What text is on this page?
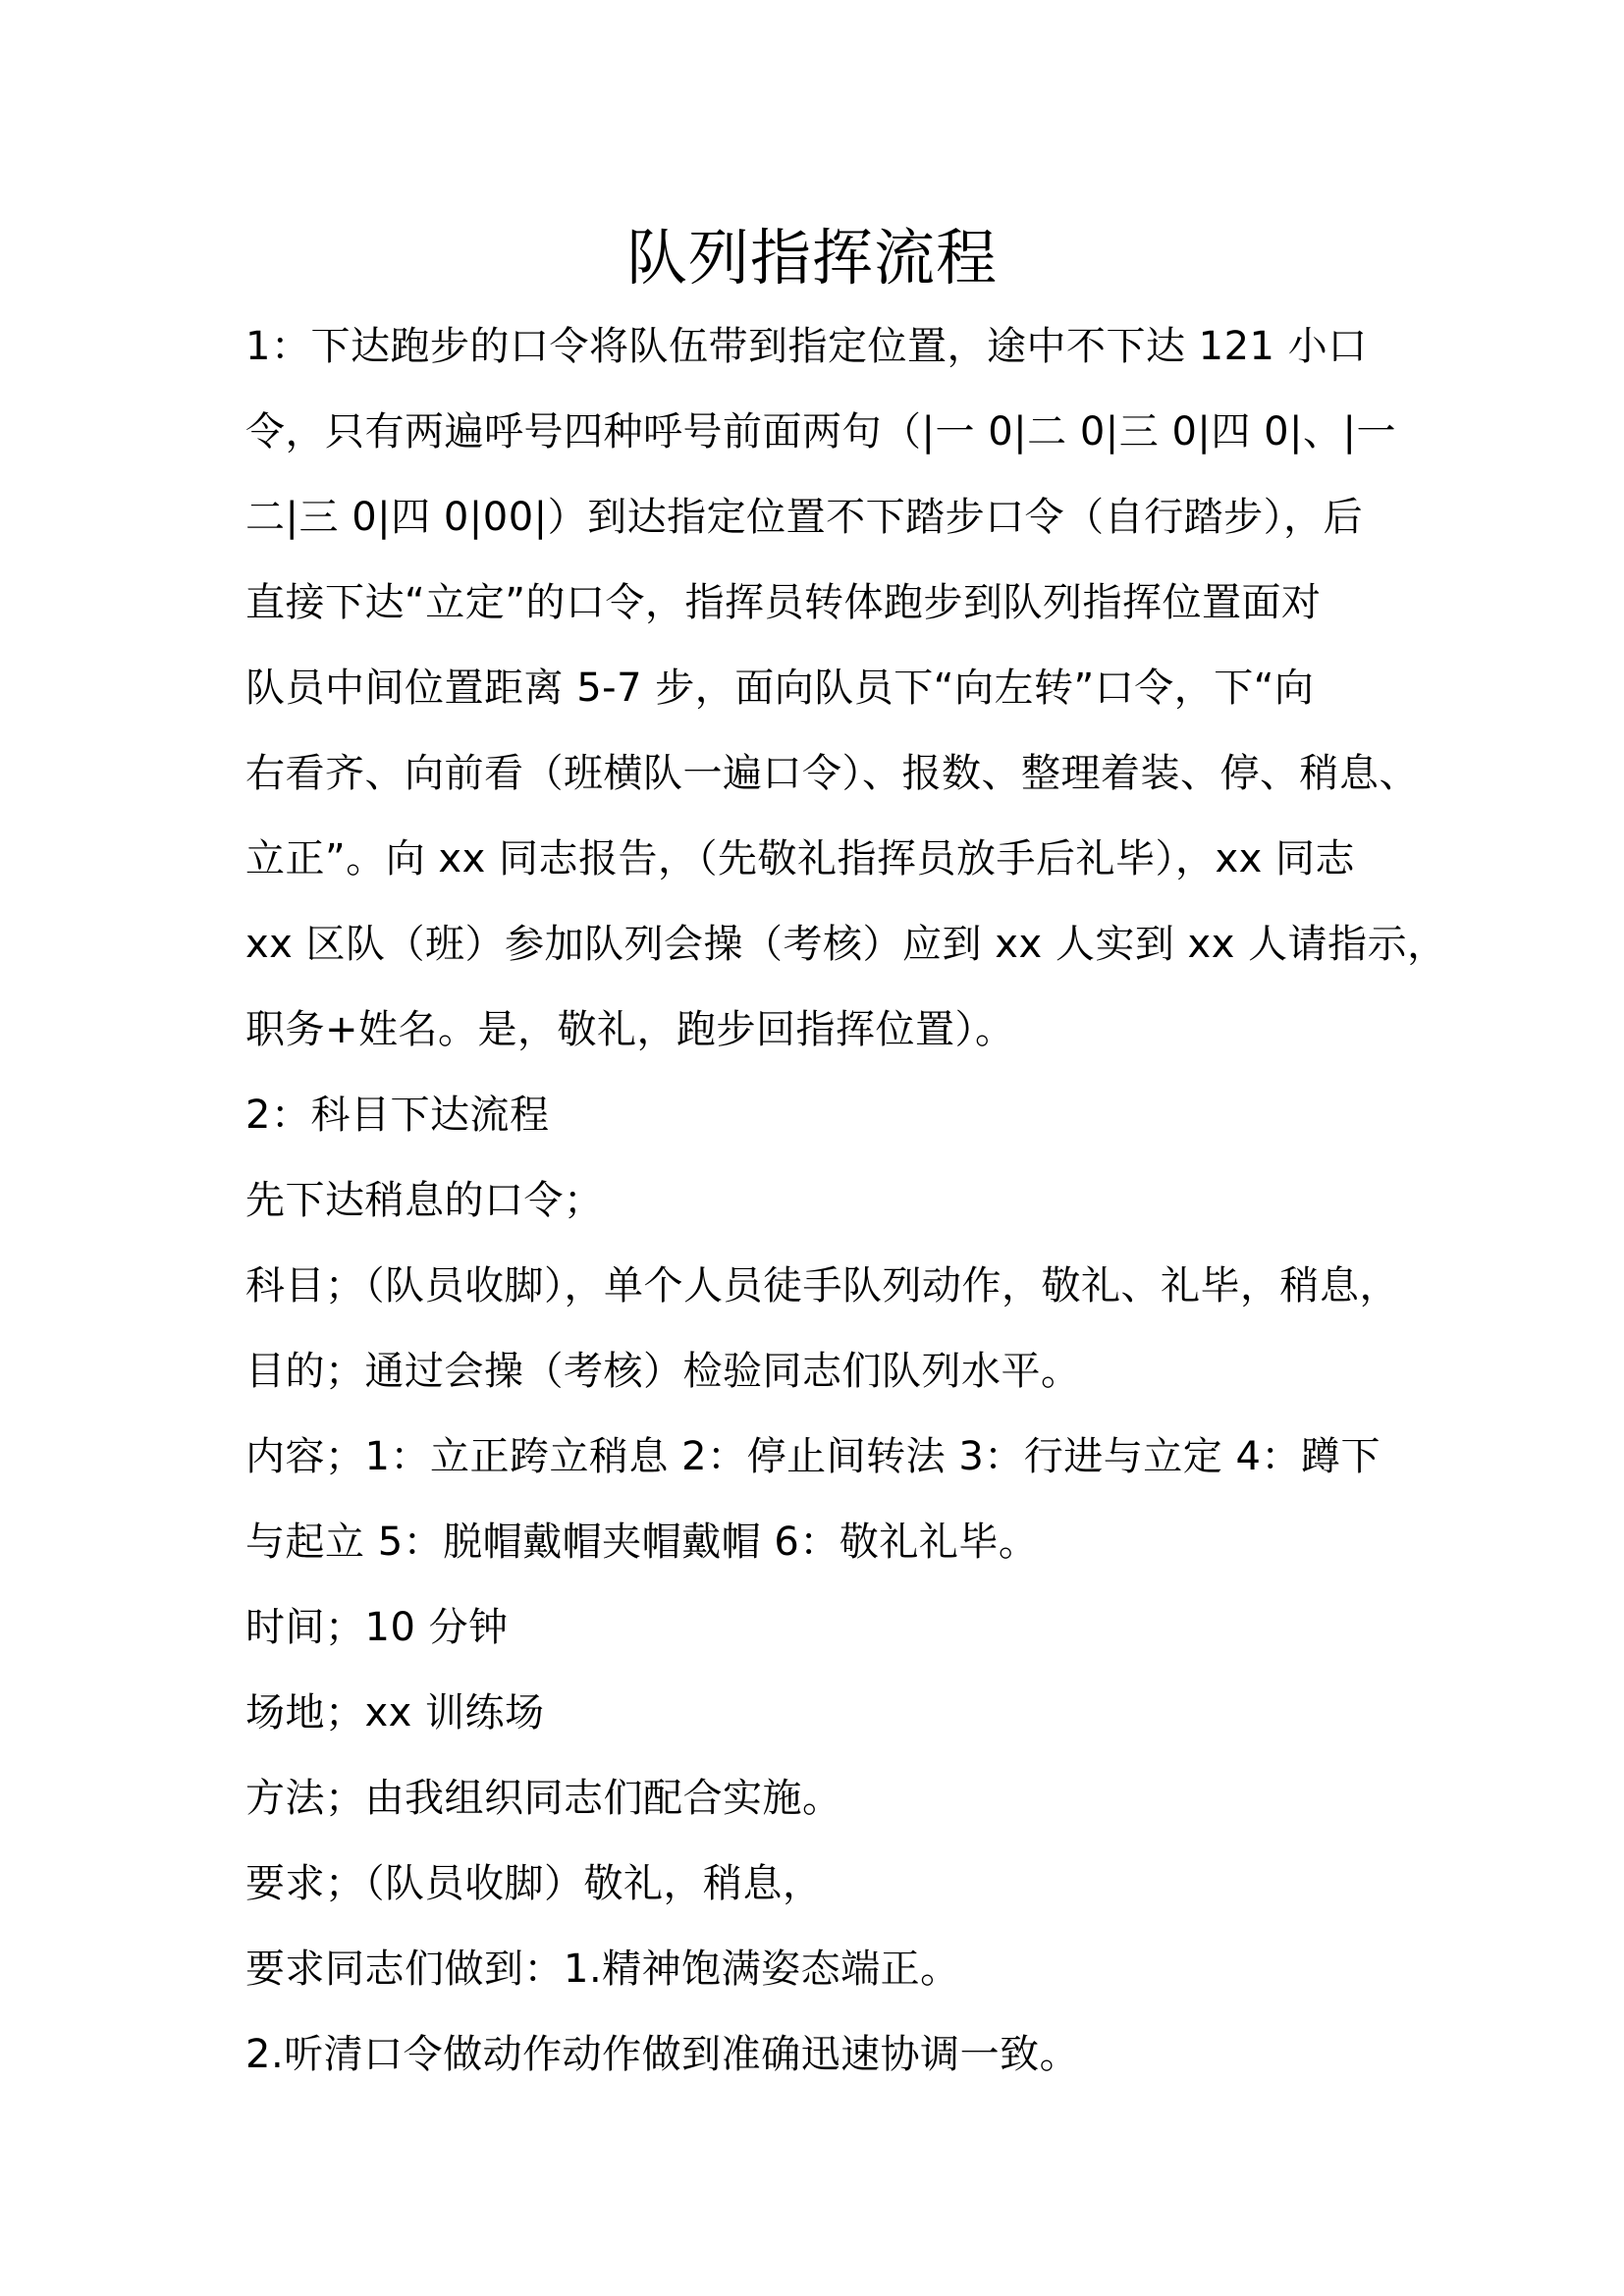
队列指挥流程
1：下达跑步的口令将队伍带到指定位置，途中不下达 121 小口
令，只有两遍呼号四种呼号前面两句（|一 0|二 0|三 0|四 0|、|一
二|三 0|四 0|00|）到达指定位置不下踏步口令（自行踏步），后
直接下达“立定”的口令，指挥员转体跑步到队列指挥位置面对
队员中间位置距离 5-7 步，面向队员下“向左转”口令，下“向
右看齐、向前看（班横队一遍口令）、报数、整理着装、停、稍息、
立正”。向 xx 同志报告，（先敬礼指挥员放手后礼毕），xx 同志
xx 区队（班）参加队列会操（考核）应到 xx 人实到 xx 人请指示，
职务+姓名。是，敬礼，跑步回指挥位置）。
2：科目下达流程
先下达稍息的口令；
科目；（队员收脚），单个人员徒手队列动作，敬礼、礼毕，稍息，
目的；通过会操（考核）检验同志们队列水平。
内容；1：立正跨立稍息 2：停止间转法 3：行进与立定 4：蹲下
与起立 5：脱帽戴帽夹帽戴帽 6：敬礼礼毕。
时间；10 分钟
场地；xx 训练场
方法；由我组织同志们配合实施。
要求；（队员收脚）敬礼，稍息，
要求同志们做到：1.精神饱满姿态端正。
2.听清口令做动作动作做到准确迅速协调一致。
